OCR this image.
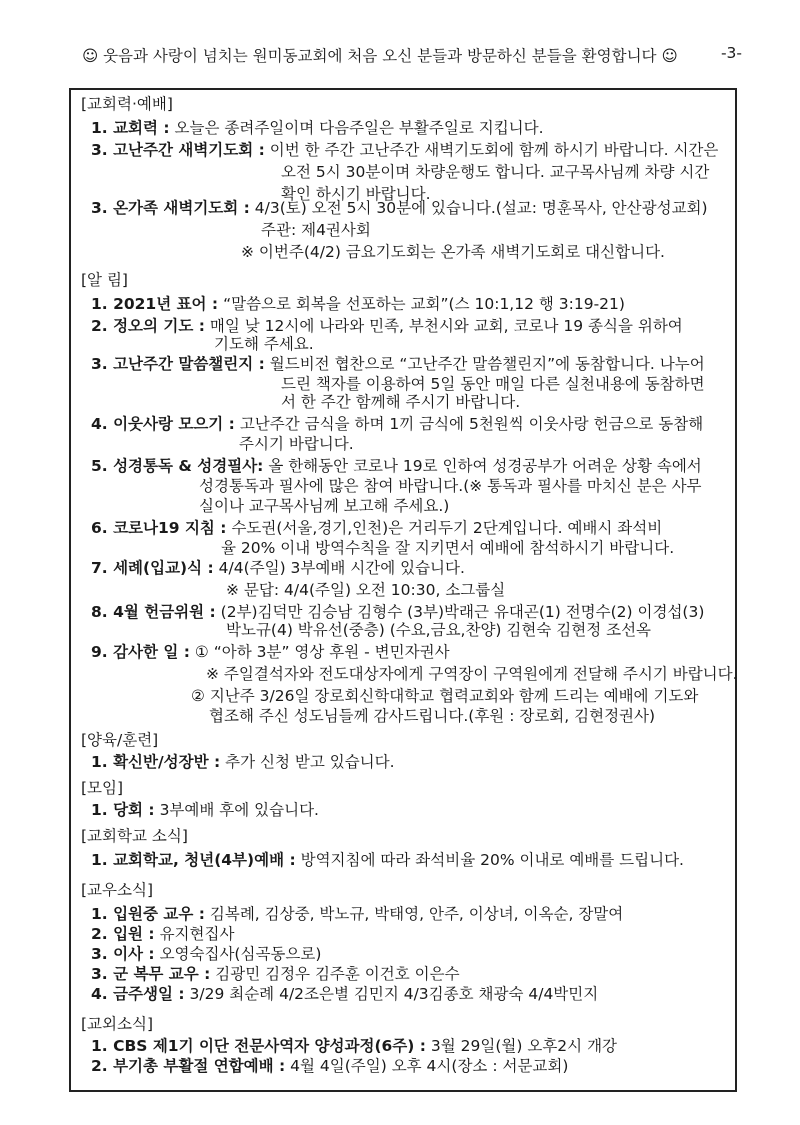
☺ 웃음과 사랑이 넘치는 원미동교회에 처음 오신 분들과 방문하신 분들을 환영합니다 ☺	-3-
[교회력·예배]
1. 교회력 : 오늘은 종려주일이며 다음주일은 부활주일로 지킵니다.
3. 고난주간 새벽기도회 : 이번 한 주간 고난주간 새벽기도회에 함께 하시기 바랍니다. 시간은
오전 5시 30분이며 차량운행도 합니다. 교구목사님께 차량 시간
확인 하시기 바랍니다.
3. 온가족 새벽기도회 : 4/3(토) 오전 5시 30분에 있습니다.(설교: 명훈목사, 안산광성교회)
주관: 제4권사회
※ 이번주(4/2) 금요기도회는 온가족 새벽기도회로 대신합니다.
[알 림]
1. 2021년 표어 : “말씀으로 회복을 선포하는 교회”(스 10:1,12 행 3:19-21)
2. 정오의 기도 : 매일 낮 12시에 나라와 민족, 부천시와 교회, 코로나 19 종식을 위하여
기도해 주세요.
3. 고난주간 말씀챌린지 : 월드비전 협찬으로 “고난주간 말씀챌린지”에 동참합니다. 나누어
드린 책자를 이용하여 5일 동안 매일 다른 실천내용에 동참하면
서 한 주간 함께해 주시기 바랍니다.
4. 이웃사랑 모으기 : 고난주간 금식을 하며 1끼 금식에 5천원씩 이웃사랑 헌금으로 동참해
주시기 바랍니다.
5. 성경통독 & 성경필사: 올 한해동안 코로나 19로 인하여 성경공부가 어려운 상황 속에서
성경통독과 필사에 많은 참여 바랍니다.(※ 통독과 필사를 마치신 분은 사무
실이나 교구목사님께 보고해 주세요.)
6. 코로나19 지침 : 수도권(서울,경기,인천)은 거리두기 2단계입니다. 예배시 좌석비
율 20% 이내 방역수칙을 잘 지키면서 예배에 참석하시기 바랍니다.
7. 세례(입교)식 : 4/4(주일) 3부예배 시간에 있습니다.
※ 문답: 4/4(주일) 오전 10:30, 소그룹실
8. 4월 헌금위원 : (2부)김덕만 김승남 김형수 (3부)박래근 유대곤(1) 전명수(2) 이경섭(3)
박노규(4) 박유선(중층) (수요,금요,찬양) 김현숙 김현정 조선옥
9. 감사한 일 : ① “아하 3분” 영상 후원 - 변민자권사
※ 주일결석자와 전도대상자에게 구역장이 구역원에게 전달해 주시기 바랍니다.
② 지난주 3/26일 장로회신학대학교 협력교회와 함께 드리는 예배에 기도와
협조해 주신 성도님들께 감사드립니다.(후원 : 장로회, 김현정권사)
[양육/훈련]
1. 확신반/성장반 : 추가 신청 받고 있습니다.
[모임]
1. 당회 : 3부예배 후에 있습니다.
[교회학교 소식]
1. 교회학교, 청년(4부)예배 : 방역지침에 따라 좌석비율 20% 이내로 예배를 드립니다.
[교우소식]
1. 입원중 교우 : 김복례, 김상중, 박노규, 박태영, 안주, 이상녀, 이옥순, 장말여
2. 입원 : 유지현집사
3. 이사 : 오영숙집사(심곡동으로)
3. 군 복무 교우 : 김광민 김정우 김주훈 이건호 이은수
4. 금주생일 : 3/29 최순례 4/2조은별 김민지 4/3김종호 채광숙 4/4박민지
[교외소식]
1. CBS 제1기 이단 전문사역자 양성과정(6주) : 3월 29일(월) 오후2시 개강
2. 부기총 부활절 연합예배 : 4월 4일(주일) 오후 4시(장소 : 서문교회)
